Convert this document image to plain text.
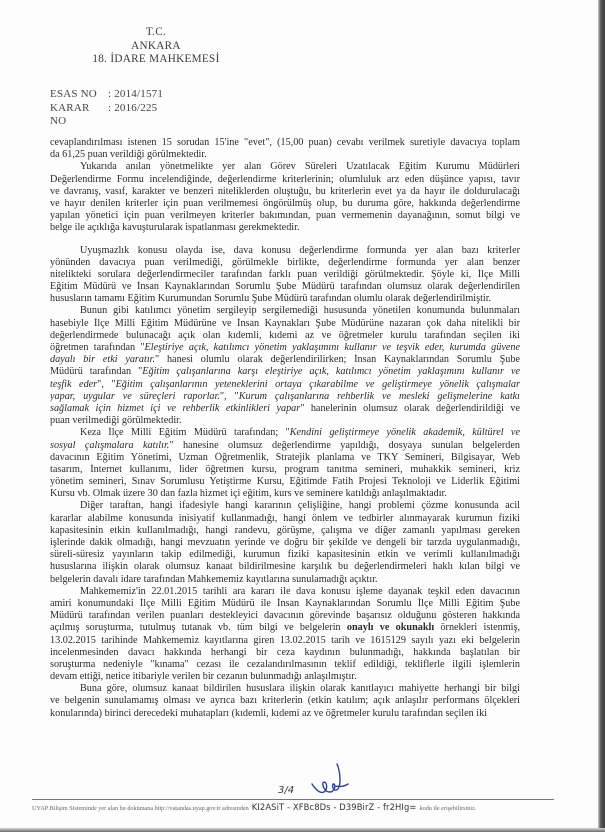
T.C.
ANKARA
18. İDARE MAHKEMESİ
ESAS NO	: 2014/1571
KARAR NO
: 2016/225
cevaplandırılması istenen 15 sorudan 15'ine "evet", (15,00 puan) cevabı verilmek suretiyle davacıya toplam
da 61,25 puan verildiği görülmektedir.
Yukarıda anılan yönetmelikte yer alan Görev Süreleri Uzatılacak Eğitim Kurumu Müdürleri
Değerlendirme Formu incelendiğinde, değerlendirme kriterlerinin; olumluluk arz eden düşünce yapısı, tavır
ve davranış, vasıf, karakter ve benzeri niteliklerden oluştuğu, bu kriterlerin evet ya da hayır ile doldurulacağı
ve hayır denilen kriterler için puan verilmemesi öngörülmüş olup, bu duruma göre, hakkında değerlendirme
yapılan yönetici için puan verilmeyen kriterler bakımından, puan vermemenin dayanağının, somut bilgi ve
belge ile açıklığa kavuşturularak ispatlanması gerekmektedir.
Uyuşmazlık konusu olayda ise, dava konusu değerlendirme formunda yer alan bazı kriterler
yönünden davacıya puan verilmediği, görülmekle birlikte, değerlendirme formunda yer alan benzer
nitelikteki sorulara değerlendirmeciler tarafından farklı puan verildiği görülmektedir. Şöyle ki, İlçe Milli
Eğitim Müdürü ve İnsan Kaynaklarından Sorumlu Şube Müdürü tarafından olumsuz olarak değerlendirilen
hususların tamamı Eğitim Kurumundan Sorumlu Şube Müdürü tarafından olumlu olarak değerlendirilmiştir.
Bunun gibi katılımcı yönetim sergileyip sergilemediği hususunda yönetilen konumunda bulunmaları
hasebiyle İlçe Milli Eğitim Müdürüne ve İnsan Kaynakları Şube Müdürüne nazaran çok daha nitelikli bir
değerlendirmede bulunacağı açık olan kıdemli, kıdemi az ve öğretmeler kurulu tarafından seçilen iki
öğretmen tarafından "Eleştiriye açık, katılımcı yönetim yaklaşımını kullanır ve teşvik eder, kurumda güvene
dayalı bir etki yaratır." hanesi olumlu olarak değerlendirilirken; İnsan Kaynaklarından Sorumlu Şube
Müdürü tarafından "Eğitim çalışanlarına karşı eleştiriye açık, katılımcı yönetim yaklaşımını kullanır ve
teşfik eder", "Eğitim çalışanlarının yeteneklerini ortaya çıkarabilme ve geliştirmeye yönelik çalışmalar
yapar, uygular ve süreçleri raporlar.", "Kurum çalışanlarına rehberlik ve mesleki gelişmelerine katkı
sağlamak için hizmet içi ve rehberlik etkinlikleri yapar" hanelerinin olumsuz olarak değerlendirildiği ve
puan verilmediği görülmektedir.
Keza İlçe Milli Eğitim Müdürü tarafından; "Kendini geliştirmeye yönelik akademik, kültürel ve
sosyal çalışmalara katılır." hanesine olumsuz değerlendirme yapıldığı, dosyaya sunulan belgelerden
davacının Eğitim Yönetimi, Uzman Öğretmenlik, Stratejik planlama ve TKY Semineri, Bilgisayar, Web
tasarım, İnternet kullanımı, lider öğretmen kursu, program tanıtma semineri, muhakkik semineri, kriz
yönetim semineri, Sınav Sorumlusu Yetiştirme Kursu, Eğitimde Fatih Projesi Teknoloji ve Liderlik Eğitimi
Kursu vb. Olmak üzere 30 dan fazla hizmet içi eğitim, kurs ve seminere katıldığı anlaşılmaktadır.
Diğer taraftan, hangi ifadesiyle hangi kararının çelişliğine, hangi problemi çözme konusunda acil
kararlar alabilme konusunda inisiyatif kullanmadığı, hangi önlem ve tedbirler alınmayarak kurumun fiziki
kapasitesinin etkin kullanılmadığı, hangi randevu, görüşme, çalışma ve diğer zamanlı yapılması gereken
işlerinde dakik olmadığı, hangi mevzuatın yerinde ve doğru bir şekilde ve dengeli bir tarzda uygulanmadığı,
süreli-süresiz yayınların takip edilmediği, kurumun fiziki kapasitesinin etkin ve verimli kullanılmadığı
hususlarına ilişkin olarak olumsuz kanaat bildirilmesine karşılık bu değerlendirmeleri haklı kılan bilgi ve
belgelerin davalı idare tarafından Mahkememiz kayıtlarına sunulamadığı açıktır.
Mahkememiz'in 22.01.2015 tarihli ara kararı ile dava konusu işleme dayanak teşkil eden davacının
amiri konumundaki İlçe Milli Eğitim Müdürü ile İnsan Kaynaklarından Sorumlu İlçe Milli Eğitim Şube
Müdürü tarafından verilen puanları destekleyici davacının görevinde başarısız olduğunu gösteren hakkında
açılmış soruşturma, tutulmuş tutanak vb. tüm bilgi ve belgelerin onaylı ve okunaklı örnekleri istenmiş,
13.02.2015 tarihinde Mahkememiz kayıtlarına giren 13.02.2015 tarih ve 1615129 sayılı yazı eki belgelerin
incelenmesinden davacı hakkında herhangi bir ceza kaydının bulunmadığı, hakkında başlatılan bir
soruşturma nedeniyle "kınama" cezası ile cezalandırılmasının teklif edildiği, tekliflerle ilgili işlemlerin
devam ettiği, netice itibariyle verilen bir cezanın bulunmadığı anlaşılmıştır.
Buna göre, olumsuz kanaat bildirilen hususlara ilişkin olarak kanıtlayıcı mahiyette herhangi bir bilgi
ve belgenin sunulamamış olması ve ayrıca bazı kriterlerin (etkin katılım; açık anlaşılır performans ölçekleri
konularında) birinci derecedeki muhatapları (kıdemli, kıdemi az ve öğretmeler kurulu tarafından seçilen iki
3/4
UYAP Bilişim Sisteminde yer alan bu dokümana http://vatandas.uyap.gov.tr adresinden KI2ASiT - XFBc8Ds - D39BirZ - fr2HIg= kodu ile erişebilirsiniz.
